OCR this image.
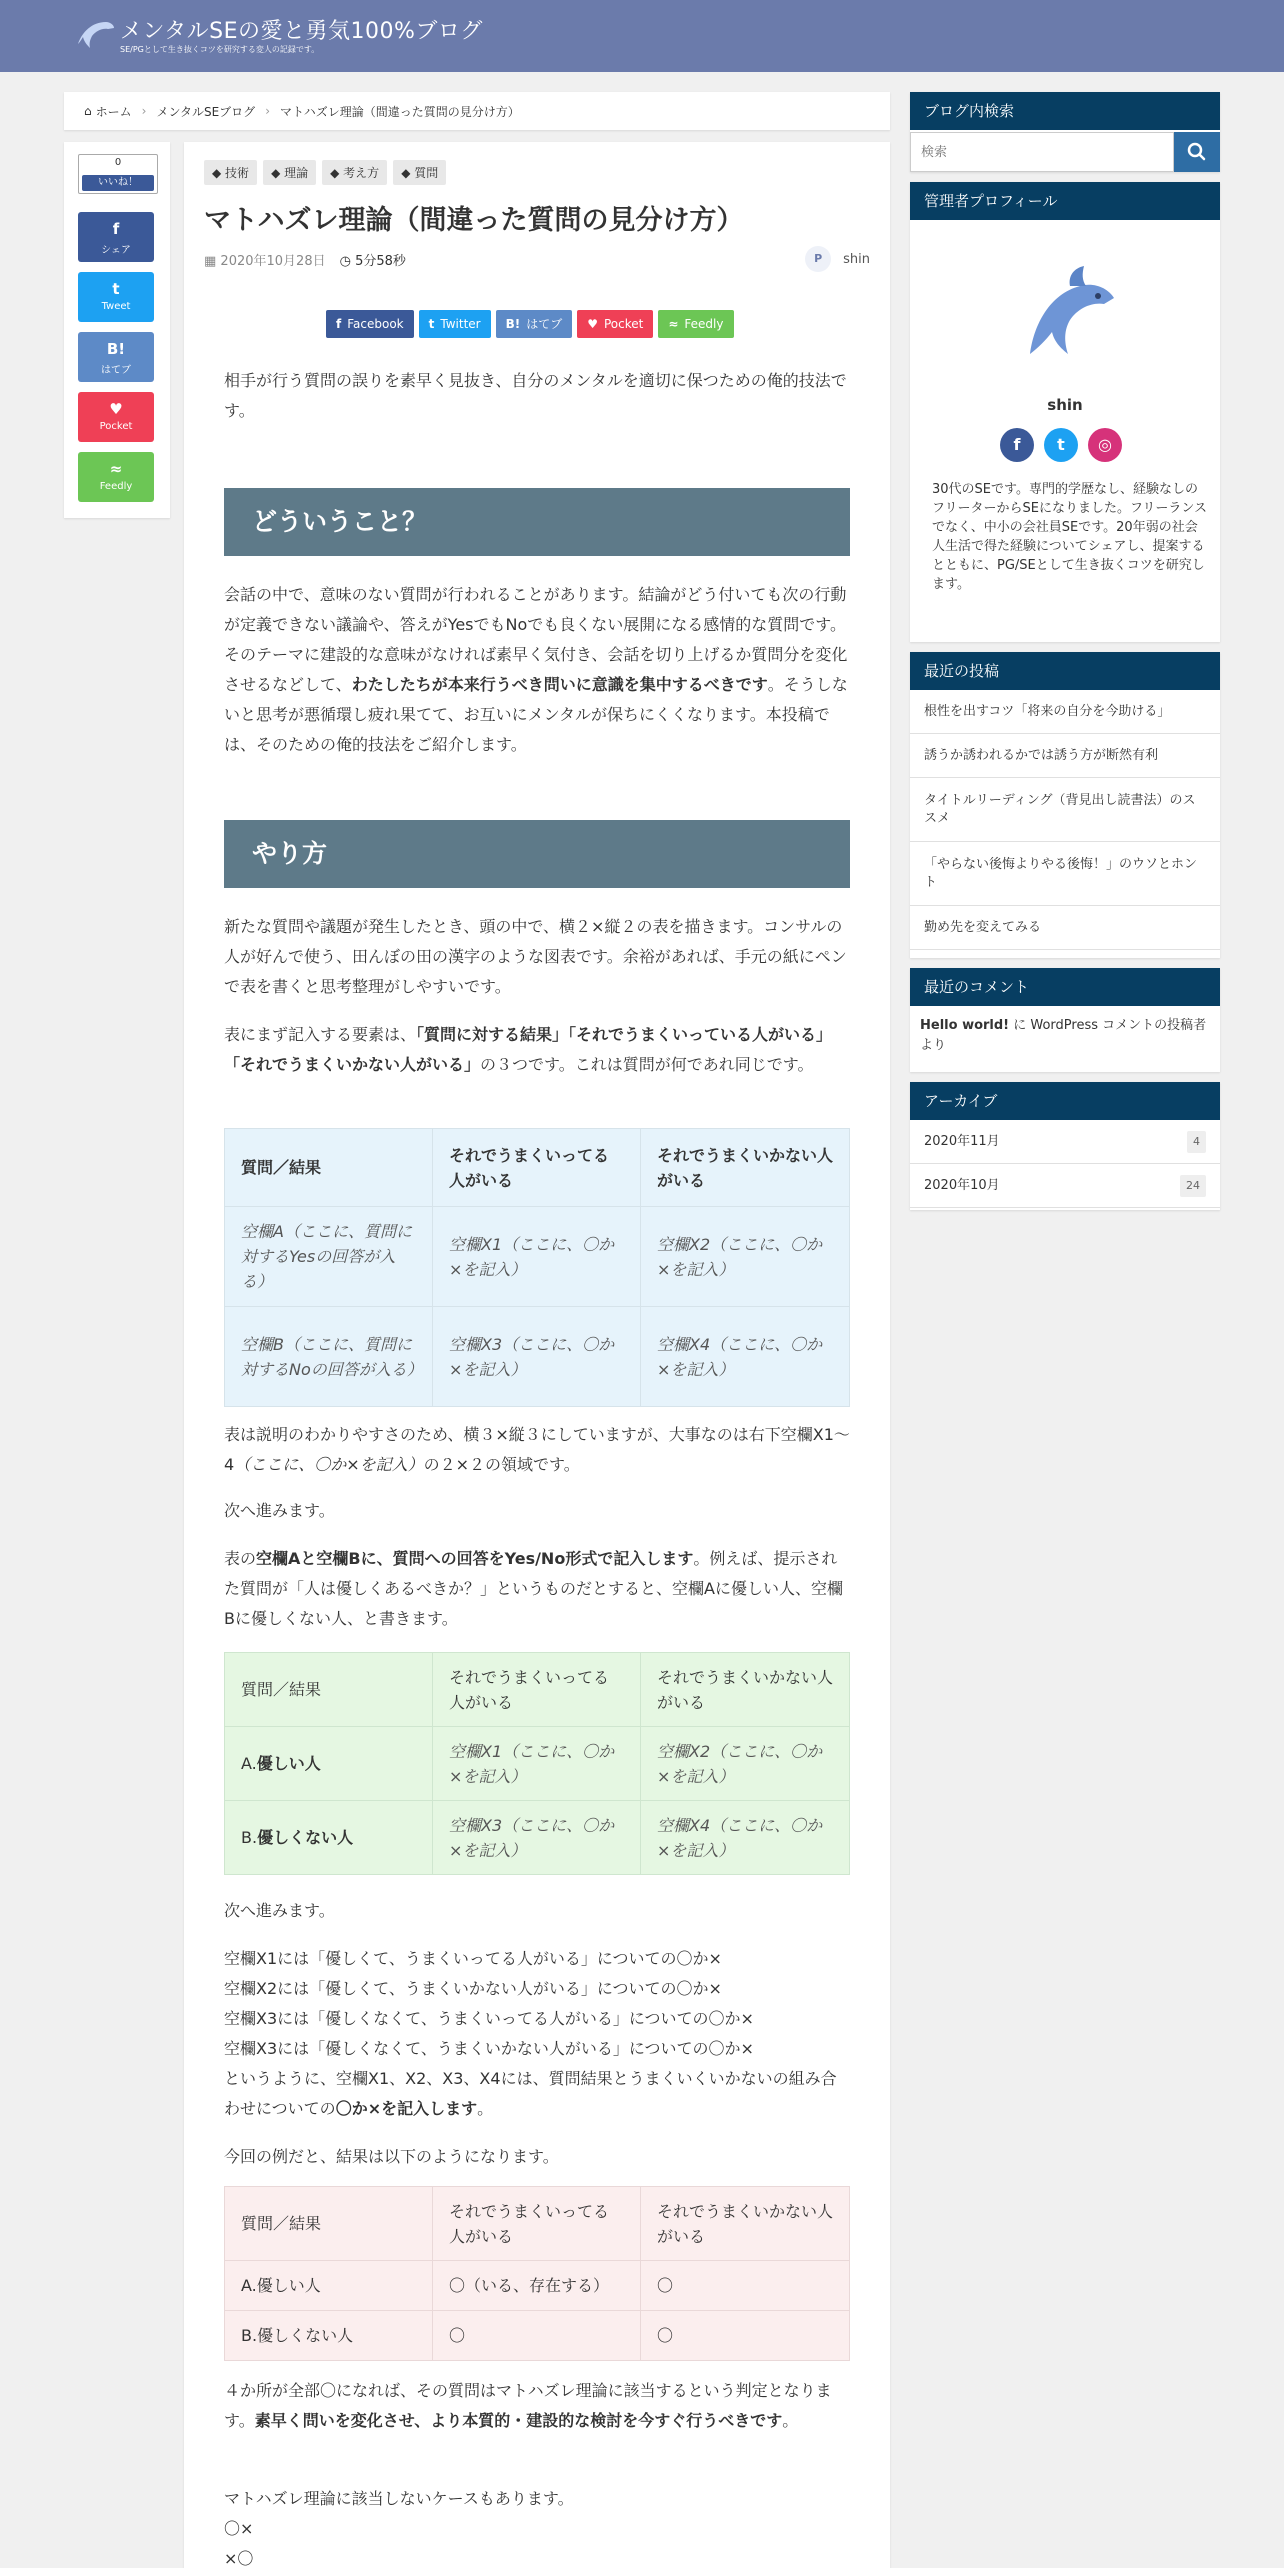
メンタルSEの愛と勇気100%ブログ
SE/PGとして生き抜くコツを研究する変人の記録です。
⌂ ホーム › メンタルSEブログ › マトハズレ理論（間違った質問の見分け方）
0
いいね！
f
シェア
t
Tweet
B!
はてブ
♥
Pocket
≈
Feedly
◆ 技術	◆ 理論	◆ 考え方	◆ 質問
マトハズレ理論（間違った質問の見分け方）
▦ 2020年10月28日 ◷ 5分58秒	P	shin
f Facebook	t Twitter	B! はてブ	♥ Pocket	≈ Feedly
相手が行う質問の誤りを素早く見抜き、自分のメンタルを適切に保つための俺的技法です。
どういうこと？
会話の中で、意味のない質問が行われることがあります。結論がどう付いても次の行動が定義できない議論や、答えがYesでもNoでも良くない展開になる感情的な質問です。そのテーマに建設的な意味がなければ素早く気付き、会話を切り上げるか質問分を変化させるなどして、わたしたちが本来行うべき問いに意識を集中するべきです。そうしないと思考が悪循環し疲れ果てて、お互いにメンタルが保ちにくくなります。本投稿では、そのための俺的技法をご紹介します。
やり方
新たな質問や議題が発生したとき、頭の中で、横２×縦２の表を描きます。コンサルの人が好んで使う、田んぼの田の漢字のような図表です。余裕があれば、手元の紙にペンで表を書くと思考整理がしやすいです。
表にまず記入する要素は、「質問に対する結果」「それでうまくいっている人がいる」「それでうまくいかない人がいる」の３つです。これは質問が何であれ同じです。
質問／結果	それでうまくいってる人がいる	それでうまくいかない人がいる
空欄A（ここに、質問に対するYesの回答が入る）	空欄X1（ここに、〇か×を記入）	空欄X2（ここに、〇か×を記入）
空欄B（ここに、質問に対するNoの回答が入る）	空欄X3（ここに、〇か×を記入）	空欄X4（ここに、〇か×を記入）
表は説明のわかりやすさのため、横３×縦３にしていますが、大事なのは右下空欄X1〜4（ここに、〇か×を記入）の２×２の領域です。
次へ進みます。
表の空欄Aと空欄Bに、質問への回答をYes/No形式で記入します。例えば、提示された質問が「人は優しくあるべきか？」というものだとすると、空欄Aに優しい人、空欄Bに優しくない人、と書きます。
質問／結果	それでうまくいってる人がいる	それでうまくいかない人がいる
A.優しい人	空欄X1（ここに、〇か×を記入）	空欄X2（ここに、〇か×を記入）
B.優しくない人	空欄X3（ここに、〇か×を記入）	空欄X4（ここに、〇か×を記入）
次へ進みます。
空欄X1には「優しくて、うまくいってる人がいる」についての〇か×
空欄X2には「優しくて、うまくいかない人がいる」についての〇か×
空欄X3には「優しくなくて、うまくいってる人がいる」についての〇か×
空欄X3には「優しくなくて、うまくいかない人がいる」についての〇か×
というように、空欄X1、X2、X3、X4には、質問結果とうまくいくいかないの組み合わせについての〇か×を記入します。
今回の例だと、結果は以下のようになります。
質問／結果	それでうまくいってる人がいる	それでうまくいかない人がいる
A.優しい人	〇（いる、存在する）	〇
B.優しくない人	〇	〇
４か所が全部〇になれば、その質問はマトハズレ理論に該当するという判定となります。素早く問いを変化させ、より本質的・建設的な検討を今すぐ行うべきです。
マトハズレ理論に該当しないケースもあります。
〇×
×〇
ブログ内検索
検索
管理者プロフィール
shin
f	t	◎
30代のSEです。専門的学歴なし、経験なしのフリーターからSEになりました。フリーランスでなく、中小の会社員SEです。20年弱の社会人生活で得た経験についてシェアし、提案するとともに、PG/SEとして生き抜くコツを研究します。
最近の投稿
根性を出すコツ「将来の自分を今助ける」
誘うか誘われるかでは誘う方が断然有利
タイトルリーディング（背見出し読書法）のススメ
「やらない後悔よりやる後悔！」のウソとホント
勤め先を変えてみる
最近のコメント
Hello world! に WordPress コメントの投稿者 より
アーカイブ
2020年11月	4
2020年10月	24
